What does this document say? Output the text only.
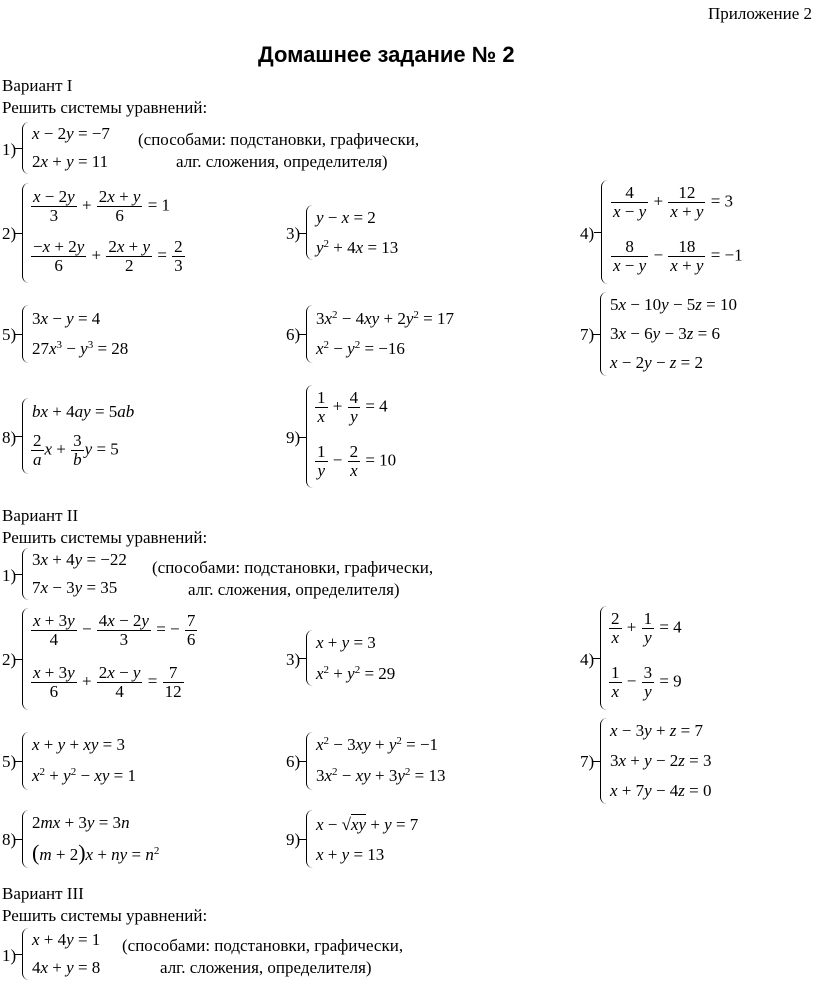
Приложение 2
Домашнее задание № 2
Вариант I
Решить системы уравнений:
1)
x − 2y = −7
2x + y = 11
(способами: подстановки, графически,
алг. сложения, определителя)
2)
$\frac{x - 2y}{3} + \frac{2x + y}{6} = 1$
$\frac{-x + 2y}{6} + \frac{2x + y}{2} = \frac{2}{3}$
3)
y − x = 2
$y^2 + 4x = 13$
4)
$\frac{4}{x - y} + \frac{12}{x + y} = 3$
$\frac{8}{x - y} - \frac{18}{x + y} = -1$
5)
3x − y = 4
$27x^3 - y^3 = 28$
6)
$3x^2 - 4xy + 2y^2 = 17$
$x^2 - y^2 = -16$
7)
5x − 10y − 5z = 10
3x − 6y − 3z = 6
x − 2y − z = 2
8)
bx + 4ay = 5ab
$\frac{2}{a}$ $x + \frac{3}{b}$ y = 5
9)
$\frac{1}{x} + \frac{4}{y} = 4$
$\frac{1}{y} - \frac{2}{x} = 10$
Вариант II
Решить системы уравнений:
1)
3x + 4y = −22
7x − 3y = 35
(способами: подстановки, графически,
алг. сложения, определителя)
2)
$\frac{x + 3y}{4} - \frac{4x - 2y}{3}$ = − $\frac{7}{6}$
$\frac{x + 3y}{6} + \frac{2x - y}{4} = \frac{7}{12}$
3)
x + y = 3
$x^2 + y^2 = 29$
4)
$\frac{2}{x} + \frac{1}{y} = 4$
$\frac{1}{x} - \frac{3}{y} = 9$
5)
x + y + xy = 3
$x^2 + y^2$ − xy = 1
6)
$x^2 - 3xy + y^2 = -1$
$3x^2$ − xy + $3y^2 = 13$
7)
x − 3y + z = 7
3x + y − 2z = 3
x + 7y − 4z = 0
8)
2mx + 3y = 3n
(m + 2)x + ny = $n^2$
9)
x − √xy + y = 7
x + y = 13
Вариант III
Решить системы уравнений:
1)
x + 4y = 1
4x + y = 8
(способами: подстановки, графически,
алг. сложения, определителя)
